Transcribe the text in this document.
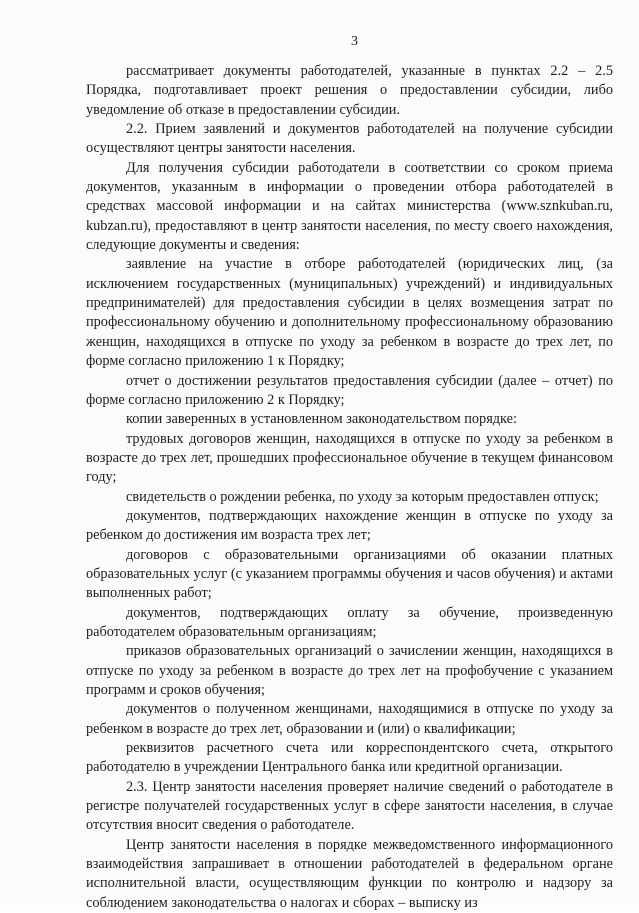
3

рассматривает документы работодателей, указанные в пунктах 2.2 – 2.5 Порядка, подготавливает проект решения о предоставлении субсидии, либо уведомление об отказе в предоставлении субсидии.

2.2. Прием заявлений и документов работодателей на получение субсидии осуществляют центры занятости населения.

Для получения субсидии работодатели в соответствии со сроком приема документов, указанным в информации о проведении отбора работодателей в средствах массовой информации и на сайтах министерства (www.sznkuban.ru, kubzan.ru), предоставляют в центр занятости населения, по месту своего нахождения, следующие документы и сведения:

заявление на участие в отборе работодателей (юридических лиц, (за исключением государственных (муниципальных) учреждений) и индивидуальных предпринимателей) для предоставления субсидии в целях возмещения затрат по профессиональному обучению и дополнительному профессиональному образованию женщин, находящихся в отпуске по уходу за ребенком в возрасте до трех лет, по форме согласно приложению 1 к Порядку;

отчет о достижении результатов предоставления субсидии (далее – отчет) по форме согласно приложению 2 к Порядку;

копии заверенных в установленном законодательством порядке:

трудовых договоров женщин, находящихся в отпуске по уходу за ребенком в возрасте до трех лет, прошедших профессиональное обучение в текущем финансовом году;

свидетельств о рождении ребенка, по уходу за которым предоставлен отпуск;

документов, подтверждающих нахождение женщин в отпуске по уходу за ребенком до достижения им возраста трех лет;

договоров с образовательными организациями об оказании платных образовательных услуг (с указанием программы обучения и часов обучения) и актами выполненных работ;

документов, подтверждающих оплату за обучение, произведенную работодателем образовательным организациям;

приказов образовательных организаций о зачислении женщин, находящихся в отпуске по уходу за ребенком в возрасте до трех лет на профобучение с указанием программ и сроков обучения;

документов о полученном женщинами, находящимися в отпуске по уходу за ребенком в возрасте до трех лет, образовании и (или) о квалификации;

реквизитов расчетного счета или корреспондентского счета, открытого работодателю в учреждении Центрального банка или кредитной организации.

2.3. Центр занятости населения проверяет наличие сведений о работодателе в регистре получателей государственных услуг в сфере занятости населения, в случае отсутствия вносит сведения о работодателе.

Центр занятости населения в порядке межведомственного информационного взаимодействия запрашивает в отношении работодателей в федеральном органе исполнительной власти, осуществляющим функции по контролю и надзору за соблюдением законодательства о налогах и сборах – выписку из
